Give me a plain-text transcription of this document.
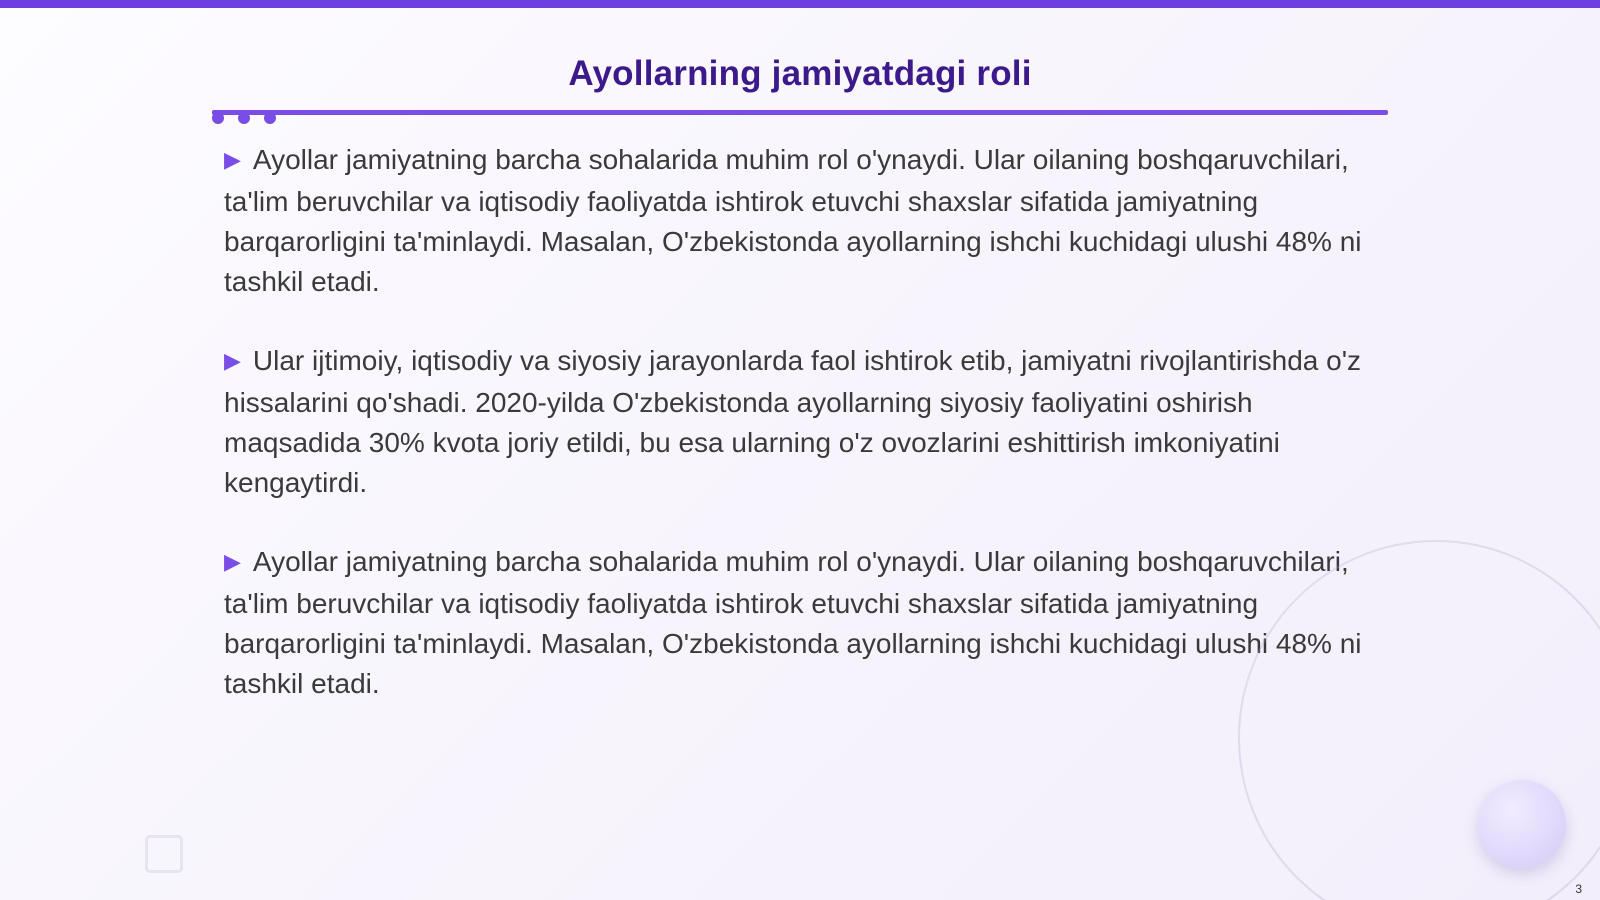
Ayollarning jamiyatdagi roli

▶ Ayollar jamiyatning barcha sohalarida muhim rol o'ynaydi. Ular oilaning boshqaruvchilari, ta'lim beruvchilar va iqtisodiy faoliyatda ishtirok etuvchi shaxslar sifatida jamiyatning barqarorligini ta'minlaydi. Masalan, O'zbekistonda ayollarning ishchi kuchidagi ulushi 48% ni tashkil etadi.

▶ Ular ijtimoiy, iqtisodiy va siyosiy jarayonlarda faol ishtirok etib, jamiyatni rivojlantirishda o'z hissalarini qo'shadi. 2020-yilda O'zbekistonda ayollarning siyosiy faoliyatini oshirish maqsadida 30% kvota joriy etildi, bu esa ularning o'z ovozlarini eshittirish imkoniyatini kengaytirdi.

▶ Ayollar jamiyatning barcha sohalarida muhim rol o'ynaydi. Ular oilaning boshqaruvchilari, ta'lim beruvchilar va iqtisodiy faoliyatda ishtirok etuvchi shaxslar sifatida jamiyatning barqarorligini ta'minlaydi. Masalan, O'zbekistonda ayollarning ishchi kuchidagi ulushi 48% ni tashkil etadi.

3
